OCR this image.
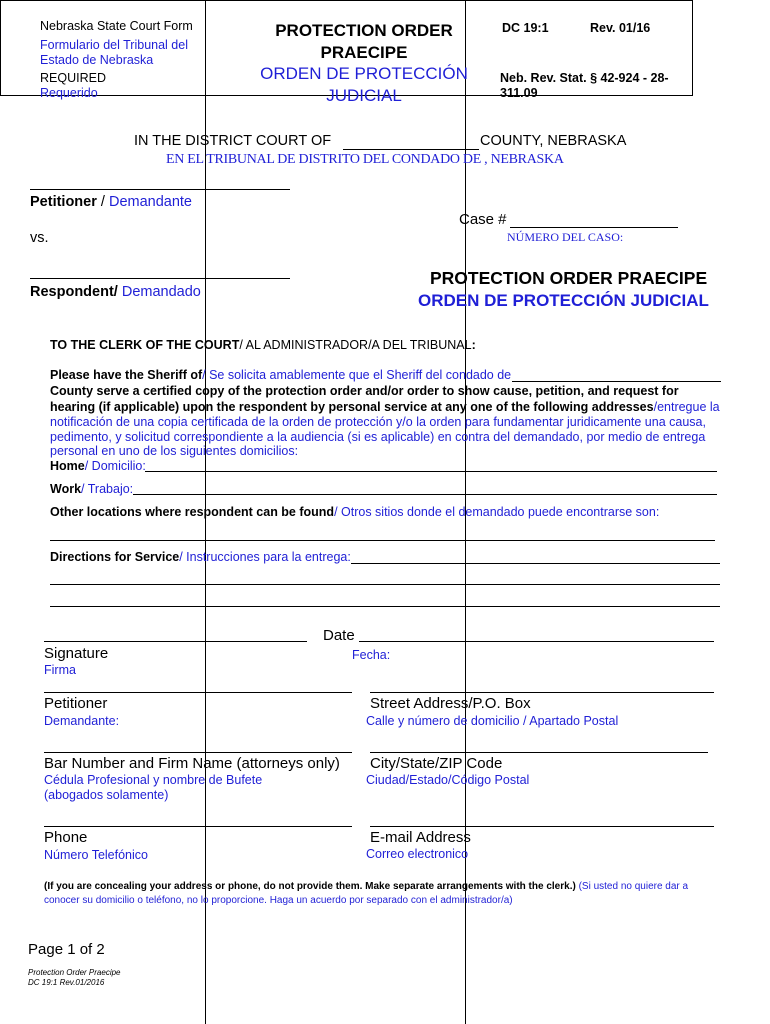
Nebraska State Court Form
Formulario del Tribunal del
Estado de Nebraska
REQUIRED
Requerido
PROTECTION ORDER
PRAECIPE
ORDEN DE PROTECCIÓN
JUDICIAL
DC 19:1	Rev. 01/16
Neb. Rev. Stat. § 42-924 - 28-
311.09
IN THE DISTRICT COURT OF	COUNTY, NEBRASKA
EN EL TRIBUNAL DE DISTRITO DEL CONDADO DE , NEBRASKA
Petitioner / Demandante
Case #
NÚMERO DEL CASO:
vs.
Respondent/ Demandado
PROTECTION ORDER PRAECIPE
ORDEN DE PROTECCIÓN JUDICIAL
TO THE CLERK OF THE COURT/ AL ADMINISTRADOR/A DEL TRIBUNAL:
Please have the Sheriff of/ Se solicita amablemente que el Sheriff del condado de
County serve a certified copy of the protection order and/or order to show cause, petition, and request for
hearing (if applicable) upon the respondent by personal service at any one of the following addresses/entregue la
notificación de una copia certificada de la orden de protección y/o la orden para fundamentar juridicamente una causa,
pedimento, y solicitud correspondiente a la audiencia (si es aplicable) en contra del demandado, por medio de entrega
personal en uno de los siguientes domicilios:
Home/ Domicilio:
Work/ Trabajo:
Other locations where respondent can be found/ Otros sitios donde el demandado puede encontrarse son:
Directions for Service/ Instrucciones para la entrega:
Date
Fecha:
Signature
Firma
Petitioner
Demandante:
Street Address/P.O. Box
Calle y número de domicilio / Apartado Postal
Bar Number and Firm Name (attorneys only)
Cédula Profesional y nombre de Bufete
(abogados solamente)
City/State/ZIP Code
Ciudad/Estado/Código Postal
Phone
Número Telefónico
E-mail Address
Correo electronico
(If you are concealing your address or phone, do not provide them. Make separate arrangements with the clerk.) (Si usted no quiere dar a
conocer su domicilio o teléfono, no lo proporcione. Haga un acuerdo por separado con el administrador/a)
Page 1 of 2
Protection Order Praecipe
DC 19:1 Rev.01/2016
